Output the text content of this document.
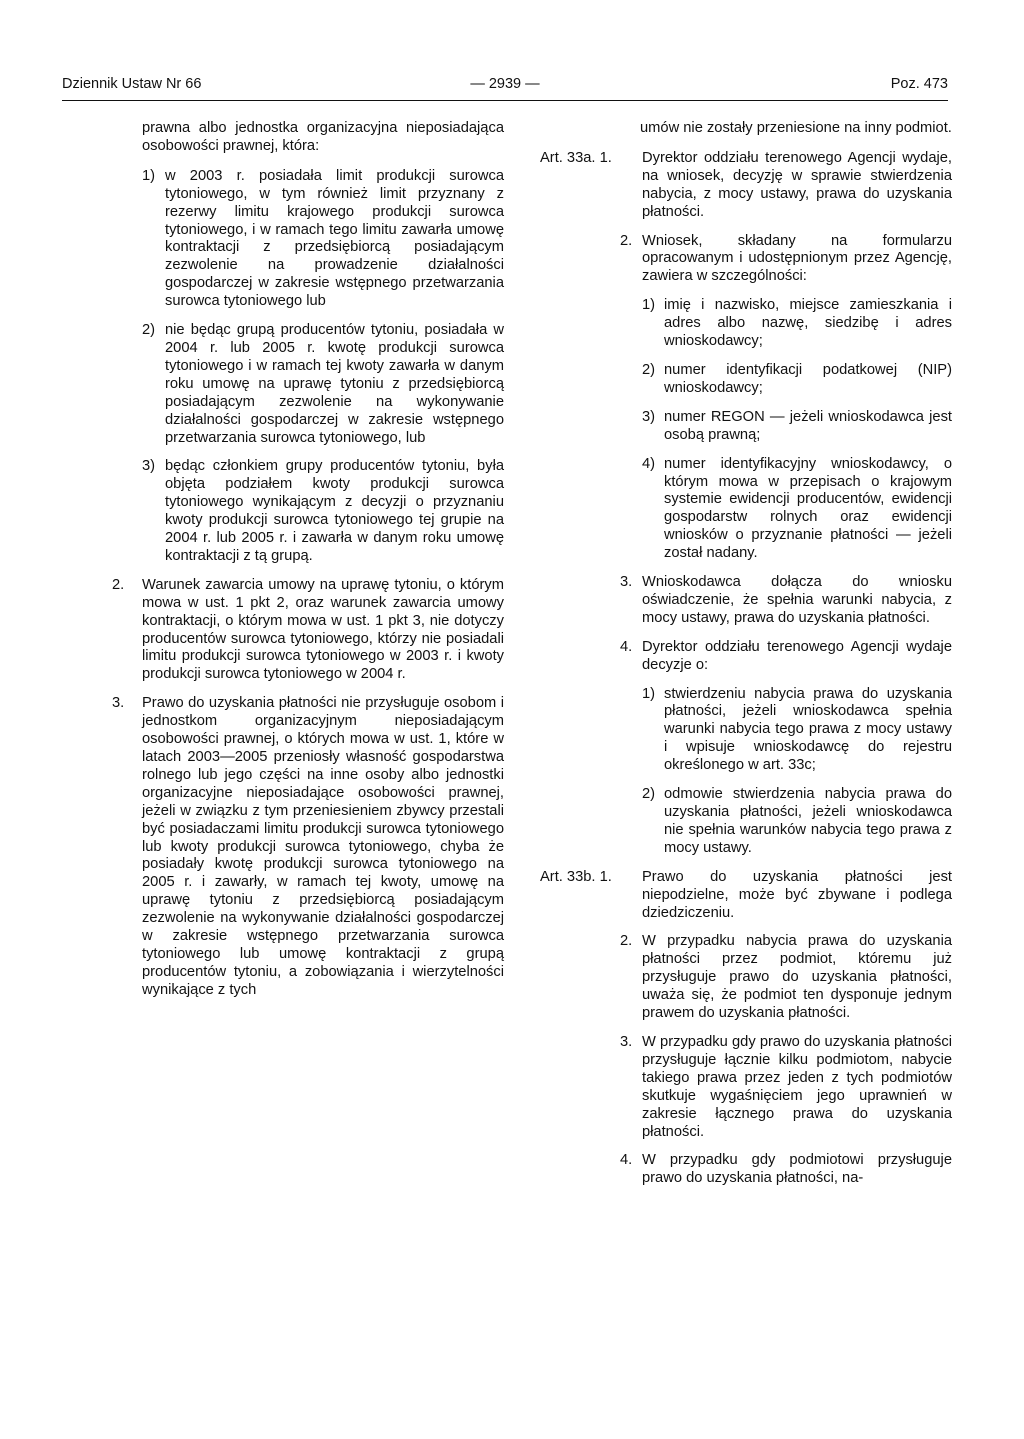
Dziennik Ustaw Nr 66	— 2939 —	Poz. 473

prawna albo jednostka organizacyjna nieposiadająca osobowości prawnej, która:

1) w 2003 r. posiadała limit produkcji surowca tytoniowego, w tym również limit przyznany z rezerwy limitu krajowego produkcji surowca tytoniowego, i w ramach tego limitu zawarła umowę kontraktacji z przedsiębiorcą posiadającym zezwolenie na prowadzenie działalności gospodarczej w zakresie wstępnego przetwarzania surowca tytoniowego lub
2) nie będąc grupą producentów tytoniu, posiadała w 2004 r. lub 2005 r. kwotę produkcji surowca tytoniowego i w ramach tej kwoty zawarła w danym roku umowę na uprawę tytoniu z przedsiębiorcą posiadającym zezwolenie na wykonywanie działalności gospodarczej w zakresie wstępnego przetwarzania surowca tytoniowego, lub
3) będąc członkiem grupy producentów tytoniu, była objęta podziałem kwoty produkcji surowca tytoniowego wynikającym z decyzji o przyznaniu kwoty produkcji surowca tytoniowego tej grupie na 2004 r. lub 2005 r. i zawarła w danym roku umowę kontraktacji z tą grupą.
2.	Warunek zawarcia umowy na uprawę tytoniu, o którym mowa w ust. 1 pkt 2, oraz warunek zawarcia umowy kontraktacji, o którym mowa w ust. 1 pkt 3, nie dotyczy producentów surowca tytoniowego, którzy nie posiadali limitu produkcji surowca tytoniowego w 2003 r. i kwoty produkcji surowca tytoniowego w 2004 r.
3.	Prawo do uzyskania płatności nie przysługuje osobom i jednostkom organizacyjnym nieposiadającym osobowości prawnej, o których mowa w ust. 1, które w latach 2003—2005 przeniosły własność gospodarstwa rolnego lub jego części na inne osoby albo jednostki organizacyjne nieposiadające osobowości prawnej, jeżeli w związku z tym przeniesieniem zbywcy przestali być posiadaczami limitu produkcji surowca tytoniowego lub kwoty produkcji surowca tytoniowego, chyba że posiadały kwotę produkcji surowca tytoniowego na 2005 r. i zawarły, w ramach tej kwoty, umowę na uprawę tytoniu z przedsiębiorcą posiadającym zezwolenie na wykonywanie działalności gospodarczej w zakresie wstępnego przetwarzania surowca tytoniowego lub umowę kontraktacji z grupą producentów tytoniu, a zobowiązania i wierzytelności wynikające z tych

umów nie zostały przeniesione na inny podmiot.

Art. 33a. 1.	Dyrektor oddziału terenowego Agencji wydaje, na wniosek, decyzję w sprawie stwierdzenia nabycia, z mocy ustawy, prawa do uzyskania płatności.
2. Wniosek, składany na formularzu opracowanym i udostępnionym przez Agencję, zawiera w szczególności:
1) imię i nazwisko, miejsce zamieszkania i adres albo nazwę, siedzibę i adres wnioskodawcy;
2) numer identyfikacji podatkowej (NIP) wnioskodawcy;
3) numer REGON — jeżeli wnioskodawca jest osobą prawną;
4) numer identyfikacyjny wnioskodawcy, o którym mowa w przepisach o krajowym systemie ewidencji producentów, ewidencji gospodarstw rolnych oraz ewidencji wniosków o przyznanie płatności — jeżeli został nadany.
3. Wnioskodawca dołącza do wniosku oświadczenie, że spełnia warunki nabycia, z mocy ustawy, prawa do uzyskania płatności.
4. Dyrektor oddziału terenowego Agencji wydaje decyzje o:
1) stwierdzeniu nabycia prawa do uzyskania płatności, jeżeli wnioskodawca spełnia warunki nabycia tego prawa z mocy ustawy i wpisuje wnioskodawcę do rejestru określonego w art. 33c;
2) odmowie stwierdzenia nabycia prawa do uzyskania płatności, jeżeli wnioskodawca nie spełnia warunków nabycia tego prawa z mocy ustawy.
Art. 33b. 1.	Prawo do uzyskania płatności jest niepodzielne, może być zbywane i podlega dziedziczeniu.
2. W przypadku nabycia prawa do uzyskania płatności przez podmiot, któremu już przysługuje prawo do uzyskania płatności, uważa się, że podmiot ten dysponuje jednym prawem do uzyskania płatności.
3. W przypadku gdy prawo do uzyskania płatności przysługuje łącznie kilku podmiotom, nabycie takiego prawa przez jeden z tych podmiotów skutkuje wygaśnięciem jego uprawnień w zakresie łącznego prawa do uzyskania płatności.
4. W przypadku gdy podmiotowi przysługuje prawo do uzyskania płatności, na-
